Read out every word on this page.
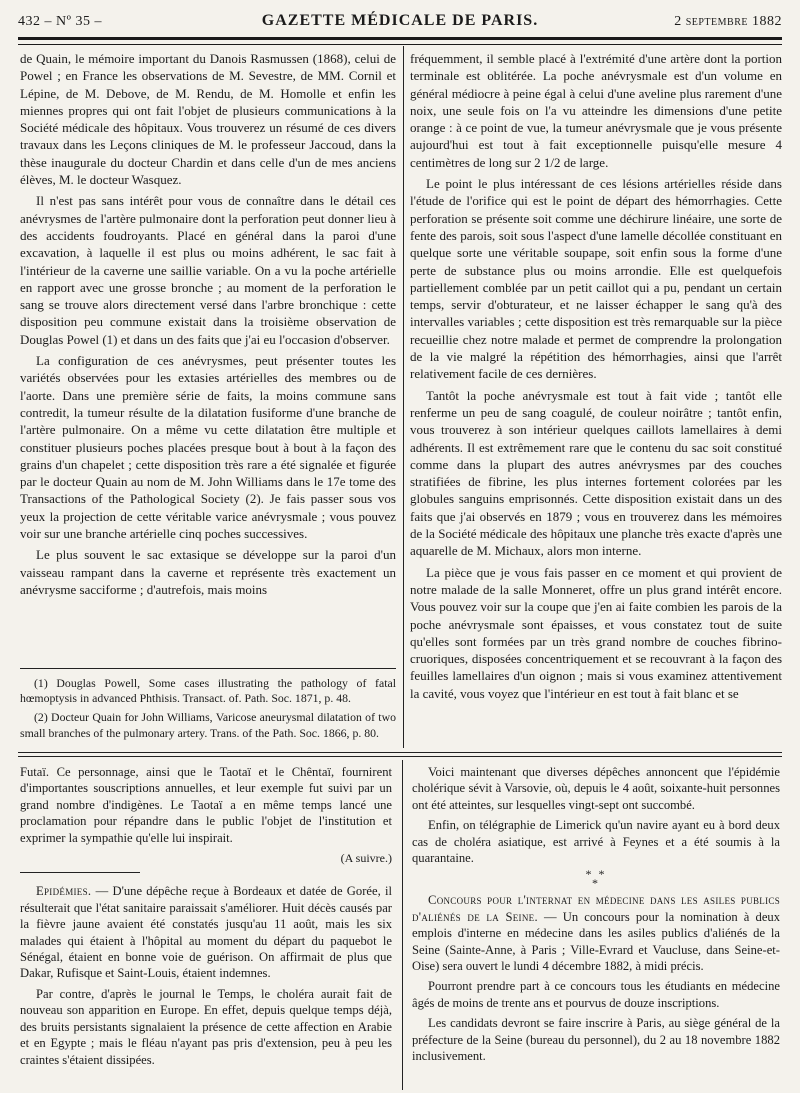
432 – Nº 35 –	GAZETTE MÉDICALE DE PARIS.	2 septembre 1882

de Quain, le mémoire important du Danois Rasmussen (1868), celui de Powel ; en France les observations de M. Sevestre, de MM. Cornil et Lépine, de M. Debove, de M. Rendu, de M. Homolle et enfin les miennes propres qui ont fait l'objet de plusieurs communications à la Société médicale des hôpitaux. Vous trouverez un résumé de ces divers travaux dans les Leçons cliniques de M. le professeur Jaccoud, dans la thèse inaugurale du docteur Chardin et dans celle d'un de mes anciens élèves, M. le docteur Wasquez.

Il n'est pas sans intérêt pour vous de connaître dans le détail ces anévrysmes de l'artère pulmonaire dont la perforation peut donner lieu à des accidents foudroyants. Placé en général dans la paroi d'une excavation, à laquelle il est plus ou moins adhérent, le sac fait à l'intérieur de la caverne une saillie variable. On a vu la poche artérielle en rapport avec une grosse bronche ; au moment de la perforation le sang se trouve alors directement versé dans l'arbre bronchique : cette disposition peu commune existait dans la troisième observation de Douglas Powel (1) et dans un des faits que j'ai eu l'occasion d'observer.

La configuration de ces anévrysmes, peut présenter toutes les variétés observées pour les extasies artérielles des membres ou de l'aorte. Dans une première série de faits, la moins commune sans contredit, la tumeur résulte de la dilatation fusiforme d'une branche de l'artère pulmonaire. On a même vu cette dilatation être multiple et constituer plusieurs poches placées presque bout à bout à la façon des grains d'un chapelet ; cette disposition très rare a été signalée et figurée par le docteur Quain au nom de M. John Williams dans le 17e tome des Transactions of the Pathological Society (2). Je fais passer sous vos yeux la projection de cette véritable varice anévrysmale ; vous pouvez voir sur une branche artérielle cinq poches successives.

Le plus souvent le sac extasique se développe sur la paroi d'un vaisseau rampant dans la caverne et représente très exactement un anévrysme sacciforme ; d'autrefois, mais moins

(1) Douglas Powell, Some cases illustrating the pathology of fatal hœmoptysis in advanced Phthisis. Transact. of. Path. Soc. 1871, p. 48.

(2) Docteur Quain for John Williams, Varicose aneurysmal dilatation of two small branches of the pulmonary artery. Trans. of the Path. Soc. 1866, p. 80.

fréquemment, il semble placé à l'extrémité d'une artère dont la portion terminale est oblitérée. La poche anévrysmale est d'un volume en général médiocre à peine égal à celui d'une aveline plus rarement d'une noix, une seule fois on l'a vu atteindre les dimensions d'une petite orange : à ce point de vue, la tumeur anévrysmale que je vous présente aujourd'hui est tout à fait exceptionnelle puisqu'elle mesure 4 centimètres de long sur 2 1/2 de large.

Le point le plus intéressant de ces lésions artérielles réside dans l'étude de l'orifice qui est le point de départ des hémorrhagies. Cette perforation se présente soit comme une déchirure linéaire, une sorte de fente des parois, soit sous l'aspect d'une lamelle décollée constituant en quelque sorte une véritable soupape, soit enfin sous la forme d'une perte de substance plus ou moins arrondie. Elle est quelquefois partiellement comblée par un petit caillot qui a pu, pendant un certain temps, servir d'obturateur, et ne laisser échapper le sang qu'à des intervalles variables ; cette disposition est très remarquable sur la pièce recueillie chez notre malade et permet de comprendre la prolongation de la vie malgré la répétition des hémorrhagies, ainsi que l'arrêt relativement facile de ces dernières.

Tantôt la poche anévrysmale est tout à fait vide ; tantôt elle renferme un peu de sang coagulé, de couleur noirâtre ; tantôt enfin, vous trouverez à son intérieur quelques caillots lamellaires à demi adhérents. Il est extrêmement rare que le contenu du sac soit constitué comme dans la plupart des autres anévrysmes par des couches stratifiées de fibrine, les plus internes fortement colorées par les globules sanguins emprisonnés. Cette disposition existait dans un des faits que j'ai observés en 1879 ; vous en trouverez dans les mémoires de la Société médicale des hôpitaux une planche très exacte d'après une aquarelle de M. Michaux, alors mon interne.

La pièce que je vous fais passer en ce moment et qui provient de notre malade de la salle Monneret, offre un plus grand intérêt encore. Vous pouvez voir sur la coupe que j'en ai faite combien les parois de la poche anévrysmale sont épaisses, et vous constatez tout de suite qu'elles sont formées par un très grand nombre de couches fibrino-cruoriques, disposées concentriquement et se recouvrant à la façon des feuilles lamellaires d'un oignon ; mais si vous examinez attentivement la cavité, vous voyez que l'intérieur en est tout à fait blanc et se

Futaï. Ce personnage, ainsi que le Taotaï et le Chêntaï, fournirent d'importantes souscriptions annuelles, et leur exemple fut suivi par un grand nombre d'indigènes. Le Taotaï a en même temps lancé une proclamation pour répandre dans le public l'objet de l'institution et exprimer la sympathie qu'elle lui inspirait.

(A suivre.)

Epidémies. — D'une dépêche reçue à Bordeaux et datée de Gorée, il résulterait que l'état sanitaire paraissait s'améliorer. Huit décès causés par la fièvre jaune avaient été constatés jusqu'au 11 août, mais les six malades qui étaient à l'hôpital au moment du départ du paquebot le Sénégal, étaient en bonne voie de guérison. On affirmait de plus que Dakar, Rufisque et Saint-Louis, étaient indemnes.

Par contre, d'après le journal le Temps, le choléra aurait fait de nouveau son apparition en Europe. En effet, depuis quelque temps déjà, des bruits persistants signalaient la présence de cette affection en Arabie et en Egypte ; mais le fléau n'ayant pas pris d'extension, peu à peu les craintes s'étaient dissipées.

Voici maintenant que diverses dépêches annoncent que l'épidémie cholérique sévit à Varsovie, où, depuis le 4 août, soixante-huit personnes ont été atteintes, sur lesquelles vingt-sept ont succombé.

Enfin, on télégraphie de Limerick qu'un navire ayant eu à bord deux cas de choléra asiatique, est arrivé à Feynes et a été soumis à la quarantaine.

* *
*

Concours pour l'internat en médecine dans les asiles publics d'aliénés de la Seine. — Un concours pour la nomination à deux emplois d'interne en médecine dans les asiles publics d'aliénés de la Seine (Sainte-Anne, à Paris ; Ville-Evrard et Vaucluse, dans Seine-et-Oise) sera ouvert le lundi 4 décembre 1882, à midi précis.

Pourront prendre part à ce concours tous les étudiants en médecine âgés de moins de trente ans et pourvus de douze inscriptions.

Les candidats devront se faire inscrire à Paris, au siège général de la préfecture de la Seine (bureau du personnel), du 2 au 18 novembre 1882 inclusivement.
